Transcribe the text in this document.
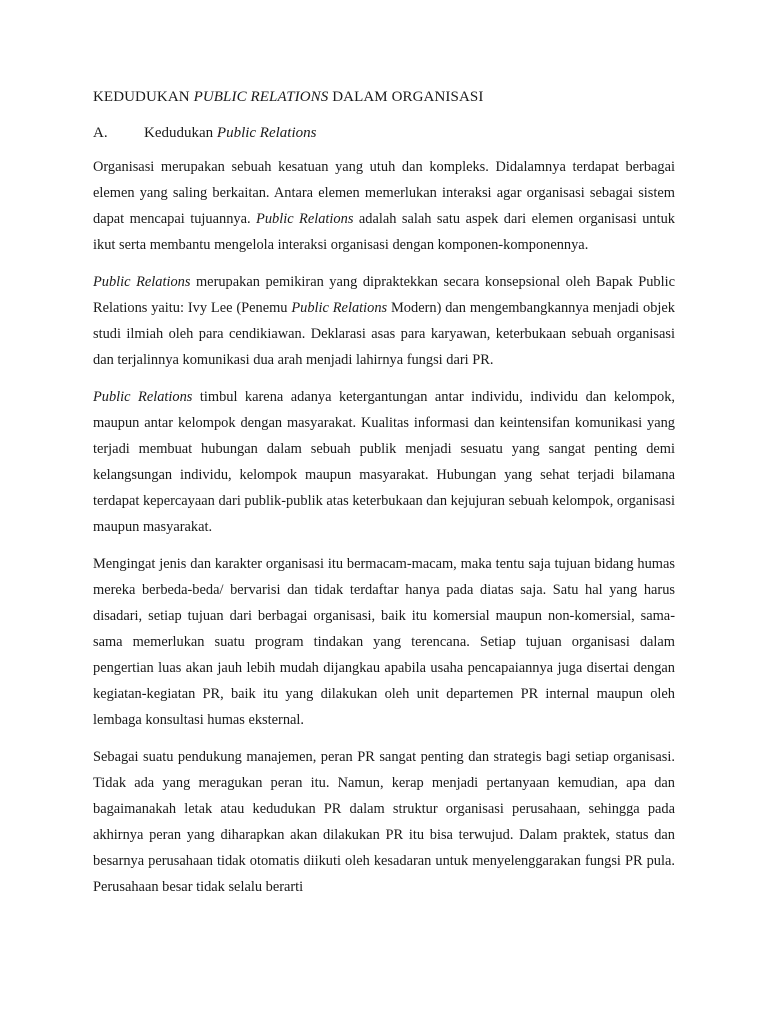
KEDUDUKAN PUBLIC RELATIONS DALAM ORGANISASI
A.	Kedudukan Public Relations

Organisasi merupakan sebuah kesatuan yang utuh dan kompleks. Didalamnya terdapat berbagai elemen yang saling berkaitan. Antara elemen memerlukan interaksi agar organisasi sebagai sistem dapat mencapai tujuannya. Public Relations adalah salah satu aspek dari elemen organisasi untuk ikut serta membantu mengelola interaksi organisasi dengan komponen-komponennya.

Public Relations merupakan pemikiran yang dipraktekkan secara konsepsional oleh Bapak Public Relations yaitu: Ivy Lee (Penemu Public Relations Modern) dan mengembangkannya menjadi objek studi ilmiah oleh para cendikiawan. Deklarasi asas para karyawan, keterbukaan sebuah organisasi dan terjalinnya komunikasi dua arah menjadi lahirnya fungsi dari PR.

Public Relations timbul karena adanya ketergantungan antar individu, individu dan kelompok, maupun antar kelompok dengan masyarakat. Kualitas informasi dan keintensifan komunikasi yang terjadi membuat hubungan dalam sebuah publik menjadi sesuatu yang sangat penting demi kelangsungan individu, kelompok maupun masyarakat. Hubungan yang sehat terjadi bilamana terdapat kepercayaan dari publik-publik atas keterbukaan dan kejujuran sebuah kelompok, organisasi maupun masyarakat.

Mengingat jenis dan karakter organisasi itu bermacam-macam, maka tentu saja tujuan bidang humas mereka berbeda-beda/ bervarisi dan tidak terdaftar hanya pada diatas saja. Satu hal yang harus disadari, setiap tujuan dari berbagai organisasi, baik itu komersial maupun non-komersial, sama-sama memerlukan suatu program tindakan yang terencana. Setiap tujuan organisasi dalam pengertian luas akan jauh lebih mudah dijangkau apabila usaha pencapaiannya juga disertai dengan kegiatan-kegiatan PR, baik itu yang dilakukan oleh unit departemen PR internal maupun oleh lembaga konsultasi humas eksternal.

Sebagai suatu pendukung manajemen, peran PR sangat penting dan strategis bagi setiap organisasi. Tidak ada yang meragukan peran itu. Namun, kerap menjadi pertanyaan kemudian, apa dan bagaimanakah letak atau kedudukan PR dalam struktur organisasi perusahaan, sehingga pada akhirnya peran yang diharapkan akan dilakukan PR itu bisa terwujud. Dalam praktek, status dan besarnya perusahaan tidak otomatis diikuti oleh kesadaran untuk menyelenggarakan fungsi PR pula. Perusahaan besar tidak selalu berarti
